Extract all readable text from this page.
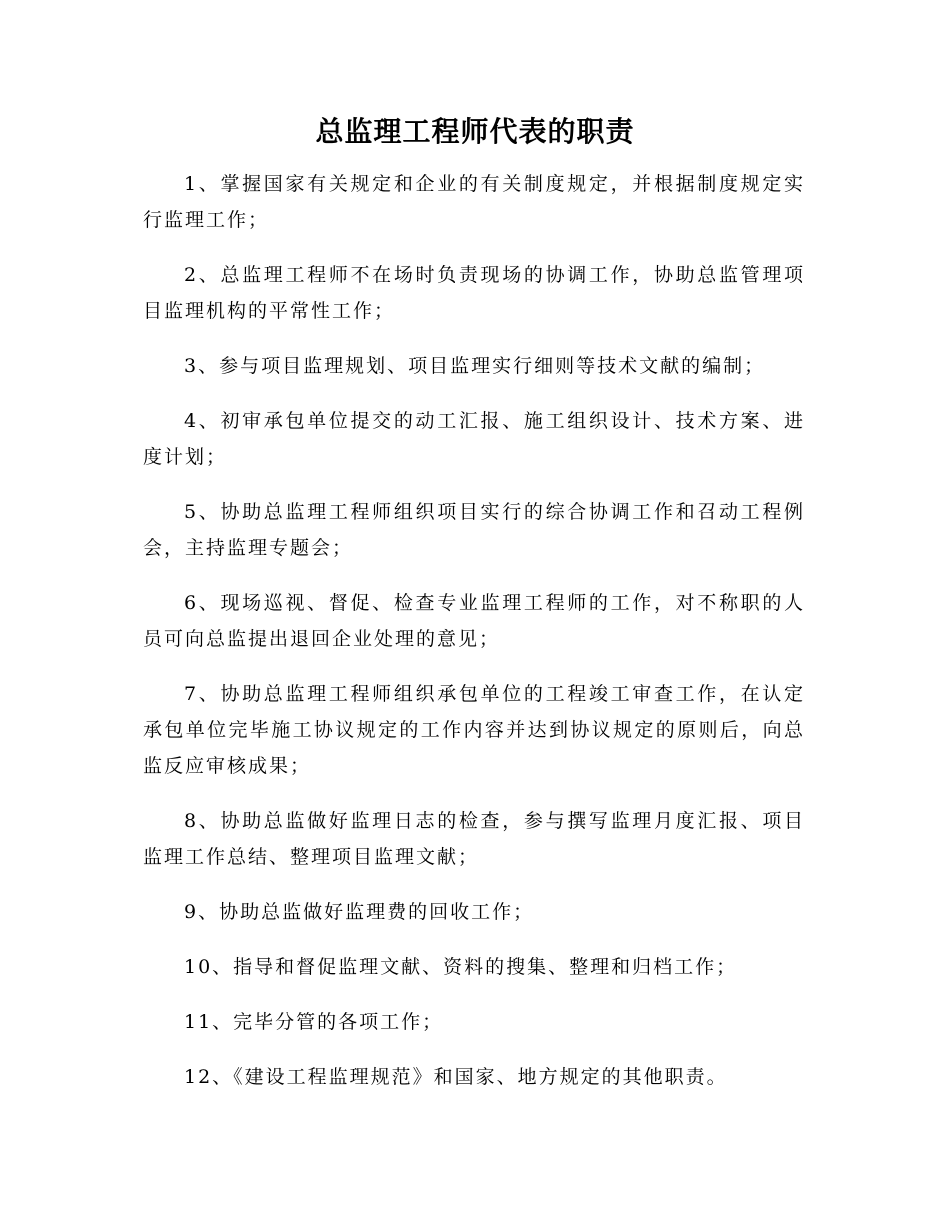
总监理工程师代表的职责

1、掌握国家有关规定和企业的有关制度规定，并根据制度规定实行监理工作；

2、总监理工程师不在场时负责现场的协调工作，协助总监管理项目监理机构的平常性工作；

3、参与项目监理规划、项目监理实行细则等技术文献的编制；

4、初审承包单位提交的动工汇报、施工组织设计、技术方案、进度计划；

5、协助总监理工程师组织项目实行的综合协调工作和召动工程例会，主持监理专题会；

6、现场巡视、督促、检查专业监理工程师的工作，对不称职的人员可向总监提出退回企业处理的意见；

7、协助总监理工程师组织承包单位的工程竣工审查工作，在认定承包单位完毕施工协议规定的工作内容并达到协议规定的原则后，向总监反应审核成果；

8、协助总监做好监理日志的检查，参与撰写监理月度汇报、项目监理工作总结、整理项目监理文献；

9、协助总监做好监理费的回收工作；

10、指导和督促监理文献、资料的搜集、整理和归档工作；

11、完毕分管的各项工作；

12、《建设工程监理规范》和国家、地方规定的其他职责。
